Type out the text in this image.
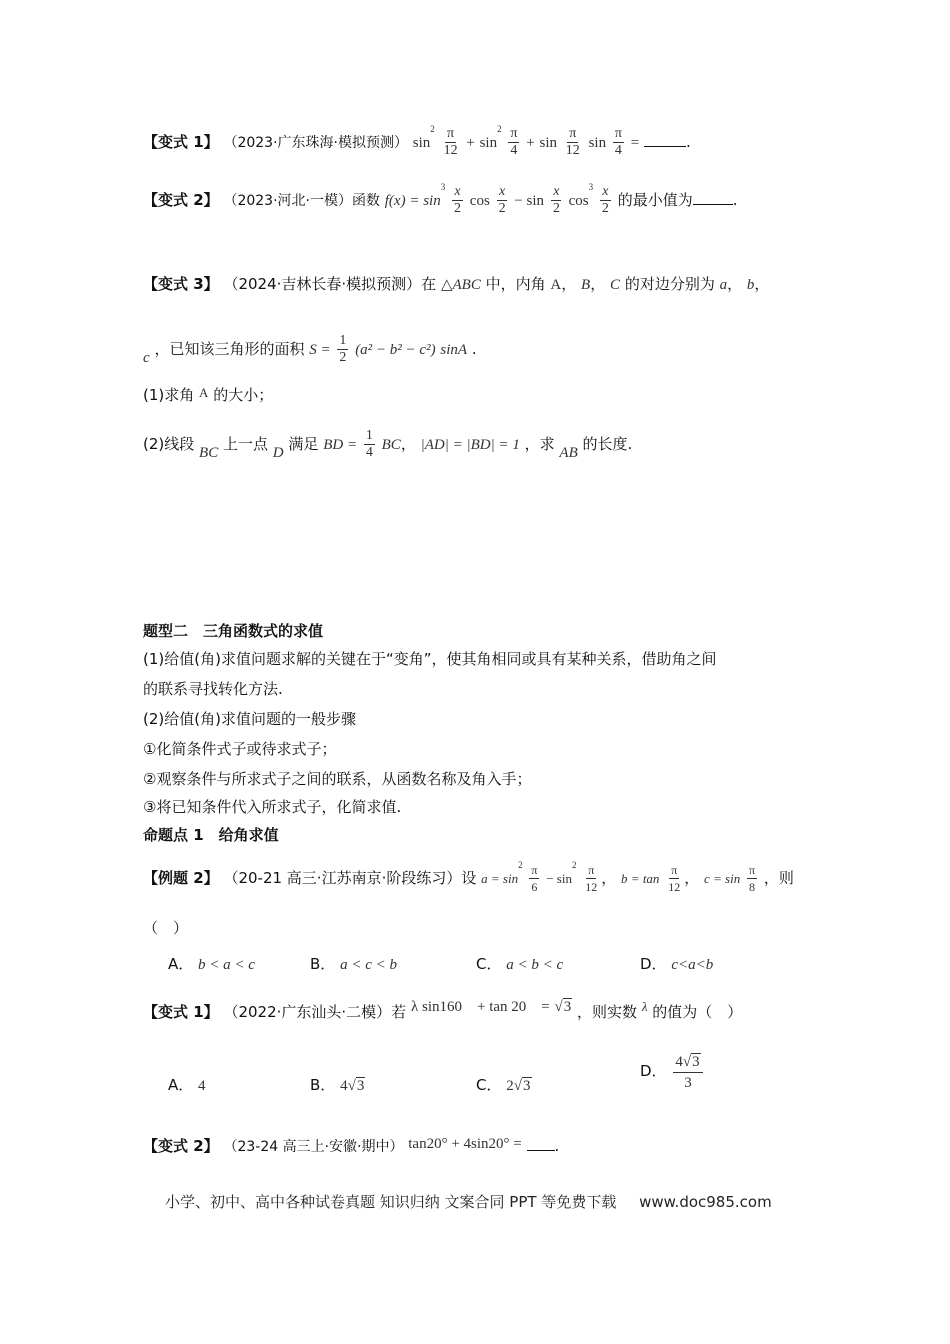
【变式 1】 （2023·广东珠海·模拟预测） $\sin^2 \frac{\pi}{12} + \sin^2 \frac{\pi}{4} + \sin \frac{\pi}{12}$ $\sin \frac{\pi}{4}$ =	.
【变式 2】 （2023·河北·一模）函数 $f(x) = \sin^3 \frac{x}{2}$ $\cos \frac{x}{2} - \sin \frac{x}{2} \cos^3 \frac{x}{2}$ 的最小值为	.
【变式 3】 （2024·吉林长春·模拟预测）在 △ABC 中，内角 A， B， C 的对边分别为 a， b，
c ，已知该三角形的面积 $S = \frac{1}{2} (a^2 - b^2 - c^2)$ sinA .
(1)求角 A 的大小；
(2)线段 BC 上一点 D 满足 BD = $\frac{1}{4}$ BC， |AD| = |BD| = 1 ，求 AB 的长度.
题型二　三角函数式的求值
(1)给值(角)求值问题求解的关键在于“变角”，使其角相同或具有某种关系，借助角之间
的联系寻找转化方法.
(2)给值(角)求值问题的一般步骤
①化简条件式子或待求式子；
②观察条件与所求式子之间的联系，从函数名称及角入手；
③将已知条件代入所求式子，化简求值.
命题点 1　给角求值
【例题 2】 （20-21 高三·江苏南京·阶段练习）设 $a = \sin^2 \frac{\pi}{6} - \sin^2 \frac{\pi}{12}$ ， $b = \tan \frac{\pi}{12}$ ， $c = \sin \frac{\pi}{8}$ ，则
（　）
A． b < a < c	B． a < c < b	C． a < b < c	D． c<a<b
【变式 1】 （2022·广东汕头·二模）若 λ sin160　+ tan 20　= √3 ，则实数 λ 的值为（　）
A． 4	B． 4√3	C． 2√3
D． $\frac{4√3}{3}$
【变式 2】 （23-24 高三上·安徽·期中） tan20° + 4sin20° = .
小学、初中、高中各种试卷真题 知识归纳 文案合同 PPT 等免费下载 www.doc985.com
